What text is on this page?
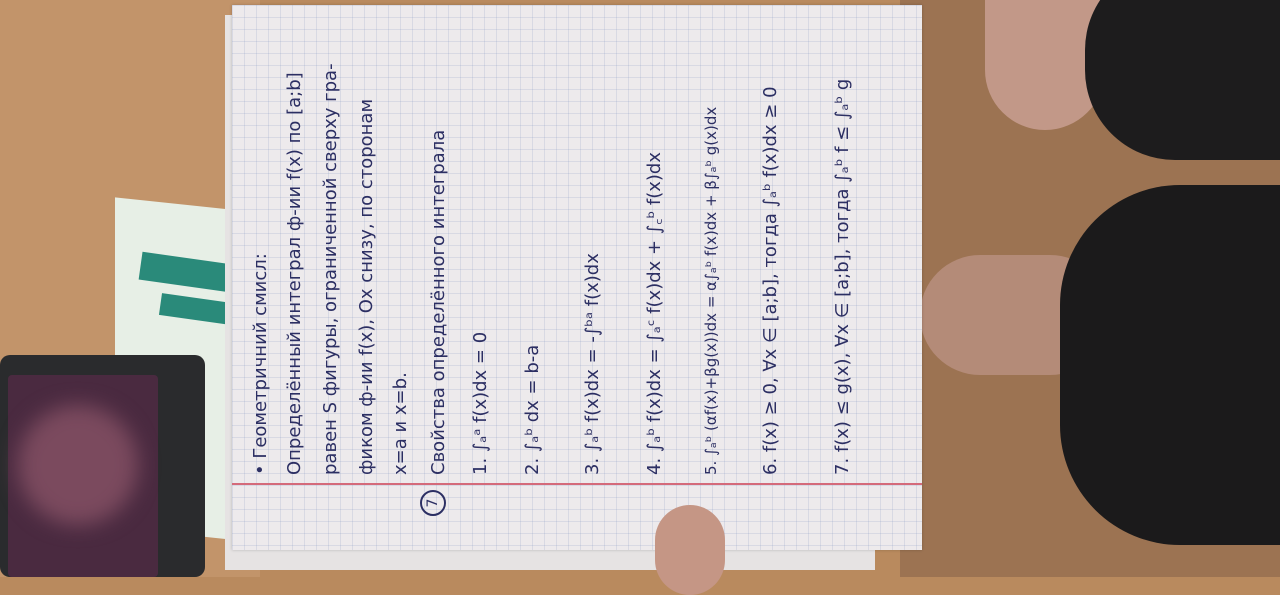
• Геометричний смисл: Определённый интеграл ф-ии f(x) по [a;b] равен S фигуры, ограниченной сверху гра- фиком ф-ии f(x), Ох снизу, по сторонам x=a и x=b.
7
Свойства определённого интеграла 1. ∫ₐᵃ f(x)dx = 0 2. ∫ₐᵇ dx = b-a 3. ∫ₐᵇ f(x)dx = -∫ᵇᵃ f(x)dx 4. ∫ₐᵇ f(x)dx = ∫ₐᶜ f(x)dx + ∫꜀ᵇ f(x)dx 5. ∫ₐᵇ (αf(x)+βg(x))dx = α∫ₐᵇ f(x)dx + β∫ₐᵇ g(x)dx 6. f(x) ≥ 0, ∀x ∈ [a;b], тогда ∫ₐᵇ f(x)dx ≥ 0	7. f(x) ≤ g(x), ∀x ∈ [a;b], тогда ∫ₐᵇ f ≤ ∫ₐᵇ g
